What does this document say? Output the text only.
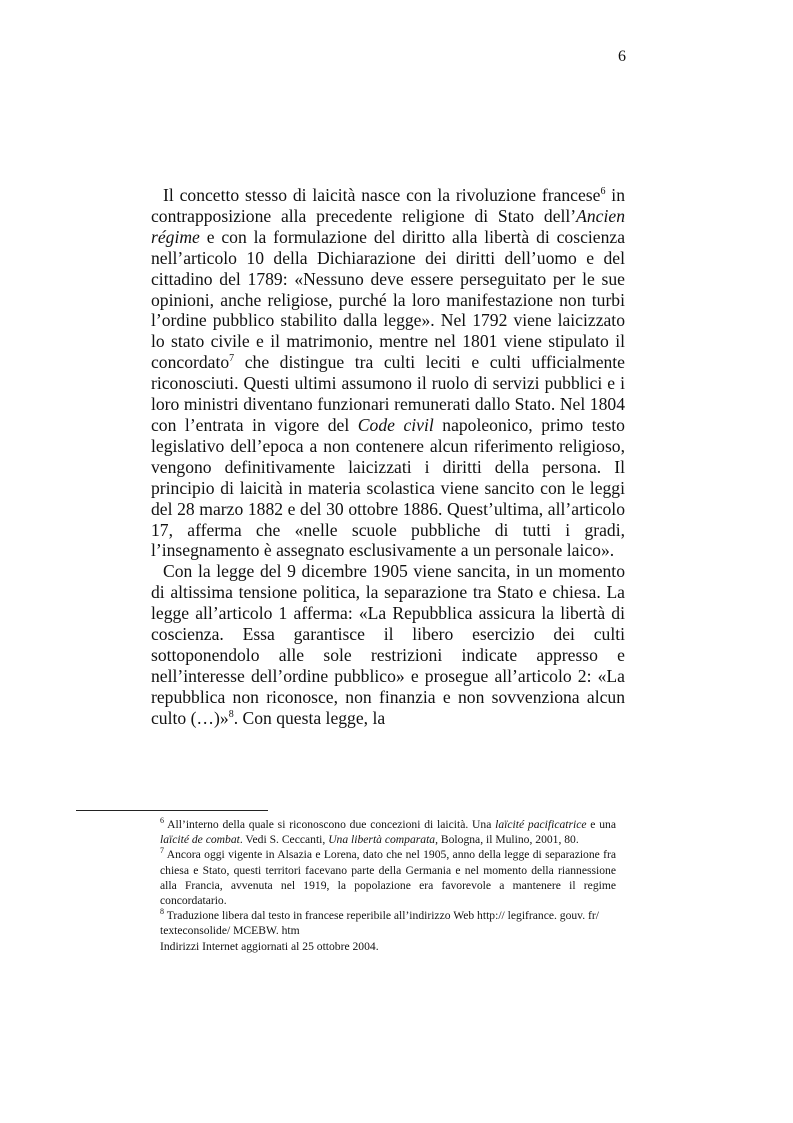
6

Il concetto stesso di laicità nasce con la rivoluzione francese$^6$ in contrapposizione alla precedente religione di Stato dell’Ancien régime e con la formulazione del diritto alla libertà di coscienza nell’articolo 10 della Dichiarazione dei diritti dell’uomo e del cittadino del 1789: «Nessuno deve essere perseguitato per le sue opinioni, anche religiose, purché la loro manifestazione non turbi l’ordine pubblico stabilito dalla legge». Nel 1792 viene laicizzato lo stato civile e il matrimonio, mentre nel 1801 viene stipulato il concordato$^7$ che distingue tra culti leciti e culti ufficialmente riconosciuti. Questi ultimi assumono il ruolo di servizi pubblici e i loro ministri diventano funzionari remunerati dallo Stato. Nel 1804 con l’entrata in vigore del Code civil napoleonico, primo testo legislativo dell’epoca a non contenere alcun riferimento religioso, vengono definitivamente laicizzati i diritti della persona. Il principio di laicità in materia scolastica viene sancito con le leggi del 28 marzo 1882 e del 30 ottobre 1886. Quest’ultima, all’articolo 17, afferma che «nelle scuole pubbliche di tutti i gradi, l’insegnamento è assegnato esclusivamente a un personale laico».

Con la legge del 9 dicembre 1905 viene sancita, in un momento di altissima tensione politica, la separazione tra Stato e chiesa. La legge all’articolo 1 afferma: «La Repubblica assicura la libertà di coscienza. Essa garantisce il libero esercizio dei culti sottoponendolo alle sole restrizioni indicate appresso e nell’interesse dell’ordine pubblico» e prosegue all’articolo 2: «La repubblica non riconosce, non finanzia e non sovvenziona alcun culto (…)»$^8$. Con questa legge, la

$^6$ All’interno della quale si riconoscono due concezioni di laicità. Una laïcité pacificatrice e una laïcité de combat. Vedi S. Ceccanti, Una libertà comparata, Bologna, il Mulino, 2001, 80.

$^7$ Ancora oggi vigente in Alsazia e Lorena, dato che nel 1905, anno della legge di separazione fra chiesa e Stato, questi territori facevano parte della Germania e nel momento della riannessione alla Francia, avvenuta nel 1919, la popolazione era favorevole a mantenere il regime concordatario.

$^8$ Traduzione libera dal testo in francese reperibile all’indirizzo Web http:// legifrance. gouv. fr/ texteconsolide/ MCEBW. htm

Indirizzi Internet aggiornati al 25 ottobre 2004.
